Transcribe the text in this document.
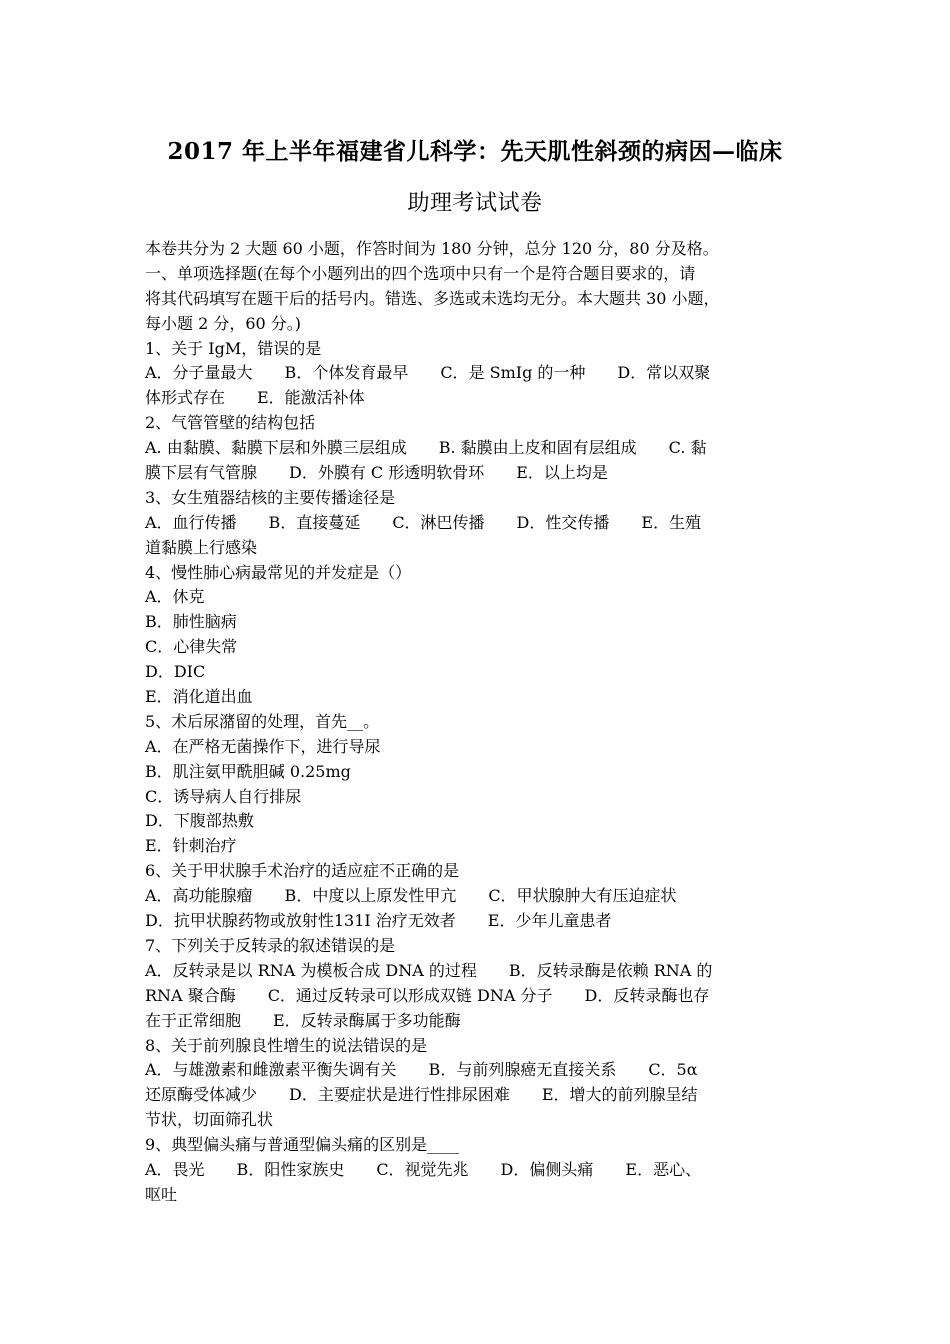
2017 年上半年福建省儿科学：先天肌性斜颈的病因—临床
助理考试试卷
本卷共分为 2 大题 60 小题，作答时间为 180 分钟，总分 120 分，80 分及格。
一、单项选择题(在每个小题列出的四个选项中只有一个是符合题目要求的，请
将其代码填写在题干后的括号内。错选、多选或未选均无分。本大题共 30 小题，
每小题 2 分，60 分。)
1、关于 IgM，错误的是
A．分子量最大　　B．个体发育最早　　C．是 SmIg 的一种　　D．常以双聚
体形式存在　　E．能激活补体
2、气管管壁的结构包括
A. 由黏膜、黏膜下层和外膜三层组成　　B. 黏膜由上皮和固有层组成　　C. 黏
膜下层有气管腺　　D．外膜有 C 形透明软骨环　　E．以上均是
3、女生殖器结核的主要传播途径是
A．血行传播　　B．直接蔓延　　C．淋巴传播　　D．性交传播　　E．生殖
道黏膜上行感染
4、慢性肺心病最常见的并发症是（）
A．休克
B．肺性脑病
C．心律失常
D．DIC
E．消化道出血
5、术后尿潴留的处理，首先__。
A．在严格无菌操作下，进行导尿
B．肌注氨甲酰胆碱 0.25mg
C．诱导病人自行排尿
D．下腹部热敷
E．针刺治疗
6、关于甲状腺手术治疗的适应症不正确的是
A．高功能腺瘤　　B．中度以上原发性甲亢　　C．甲状腺肿大有压迫症状
D．抗甲状腺药物或放射性131I 治疗无效者　　E．少年儿童患者
7、下列关于反转录的叙述错误的是
A．反转录是以 RNA 为模板合成 DNA 的过程　　B．反转录酶是依赖 RNA 的
RNA 聚合酶　　C．通过反转录可以形成双链 DNA 分子　　D．反转录酶也存
在于正常细胞　　E．反转录酶属于多功能酶
8、关于前列腺良性增生的说法错误的是
A．与雄激素和雌激素平衡失调有关　　B．与前列腺癌无直接关系　　C．5α
还原酶受体减少　　D．主要症状是进行性排尿困难　　E．增大的前列腺呈结
节状，切面筛孔状
9、典型偏头痛与普通型偏头痛的区别是____
A．畏光　　B．阳性家族史　　C．视觉先兆　　D．偏侧头痛　　E．恶心、
呕吐
